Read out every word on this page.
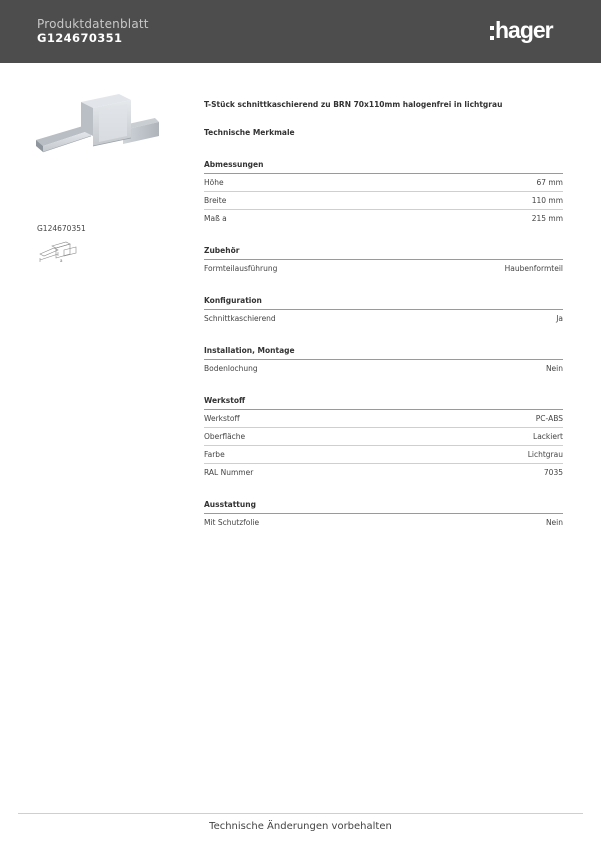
Produktdatenblatt
G124670351	hager
G124670351
a
T-Stück schnittkaschierend zu BRN 70x110mm halogenfrei in lichtgrau
Technische Merkmale
Abmessungen
Höhe	67 mm
Breite	110 mm
Maß a	215 mm
Zubehör
Formteilausführung	Haubenformteil
Konfiguration
Schnittkaschierend	Ja
Installation, Montage
Bodenlochung	Nein
Werkstoff
Werkstoff	PC-ABS
Oberfläche	Lackiert
Farbe	Lichtgrau
RAL Nummer	7035
Ausstattung
Mit Schutzfolie	Nein
Technische Änderungen vorbehalten
